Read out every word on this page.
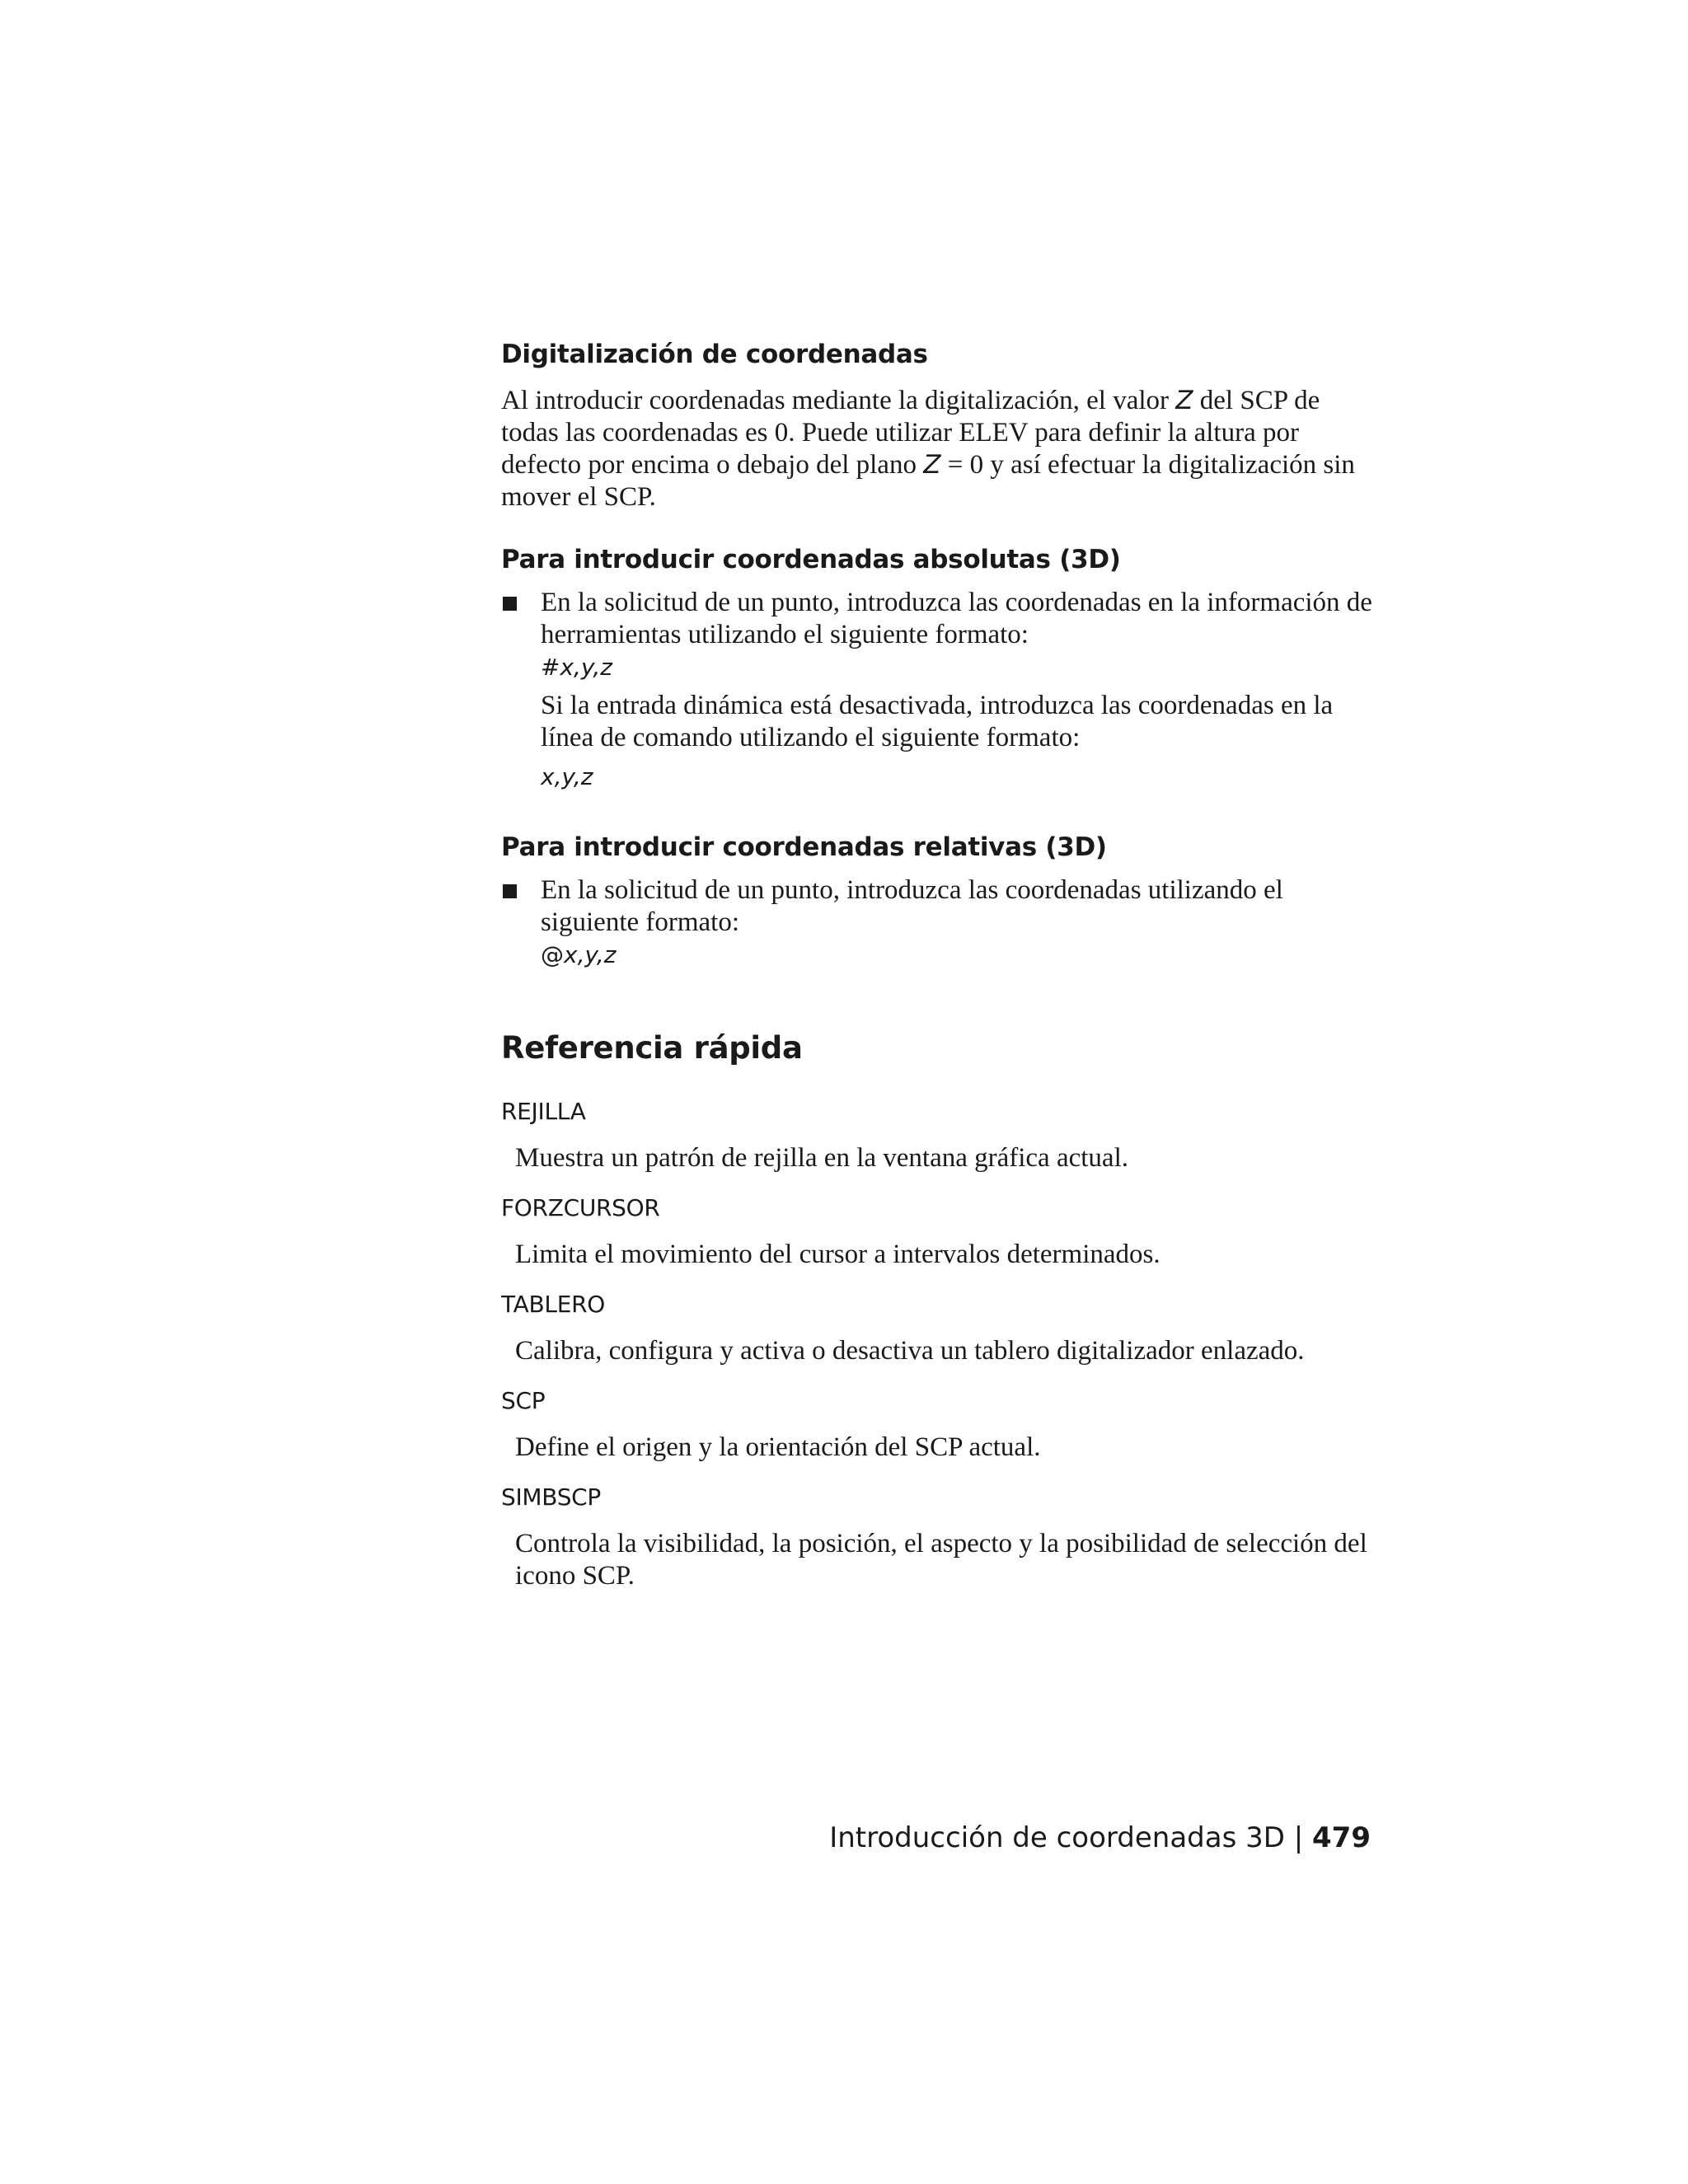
Digitalización de coordenadas

Al introducir coordenadas mediante la digitalización, el valor Z del SCP de todas las coordenadas es 0. Puede utilizar ELEV para definir la altura por defecto por encima o debajo del plano Z = 0 y así efectuar la digitalización sin mover el SCP.

Para introducir coordenadas absolutas (3D)

En la solicitud de un punto, introduzca las coordenadas en la información de herramientas utilizando el siguiente formato:

#x,y,z

Si la entrada dinámica está desactivada, introduzca las coordenadas en la línea de comando utilizando el siguiente formato:

x,y,z

Para introducir coordenadas relativas (3D)

En la solicitud de un punto, introduzca las coordenadas utilizando el siguiente formato:

@x,y,z

Referencia rápida

REJILLA

Muestra un patrón de rejilla en la ventana gráfica actual.

FORZCURSOR

Limita el movimiento del cursor a intervalos determinados.

TABLERO

Calibra, configura y activa o desactiva un tablero digitalizador enlazado.

SCP

Define el origen y la orientación del SCP actual.

SIMBSCP

Controla la visibilidad, la posición, el aspecto y la posibilidad de selección del icono SCP.

Introducción de coordenadas 3D | 479
